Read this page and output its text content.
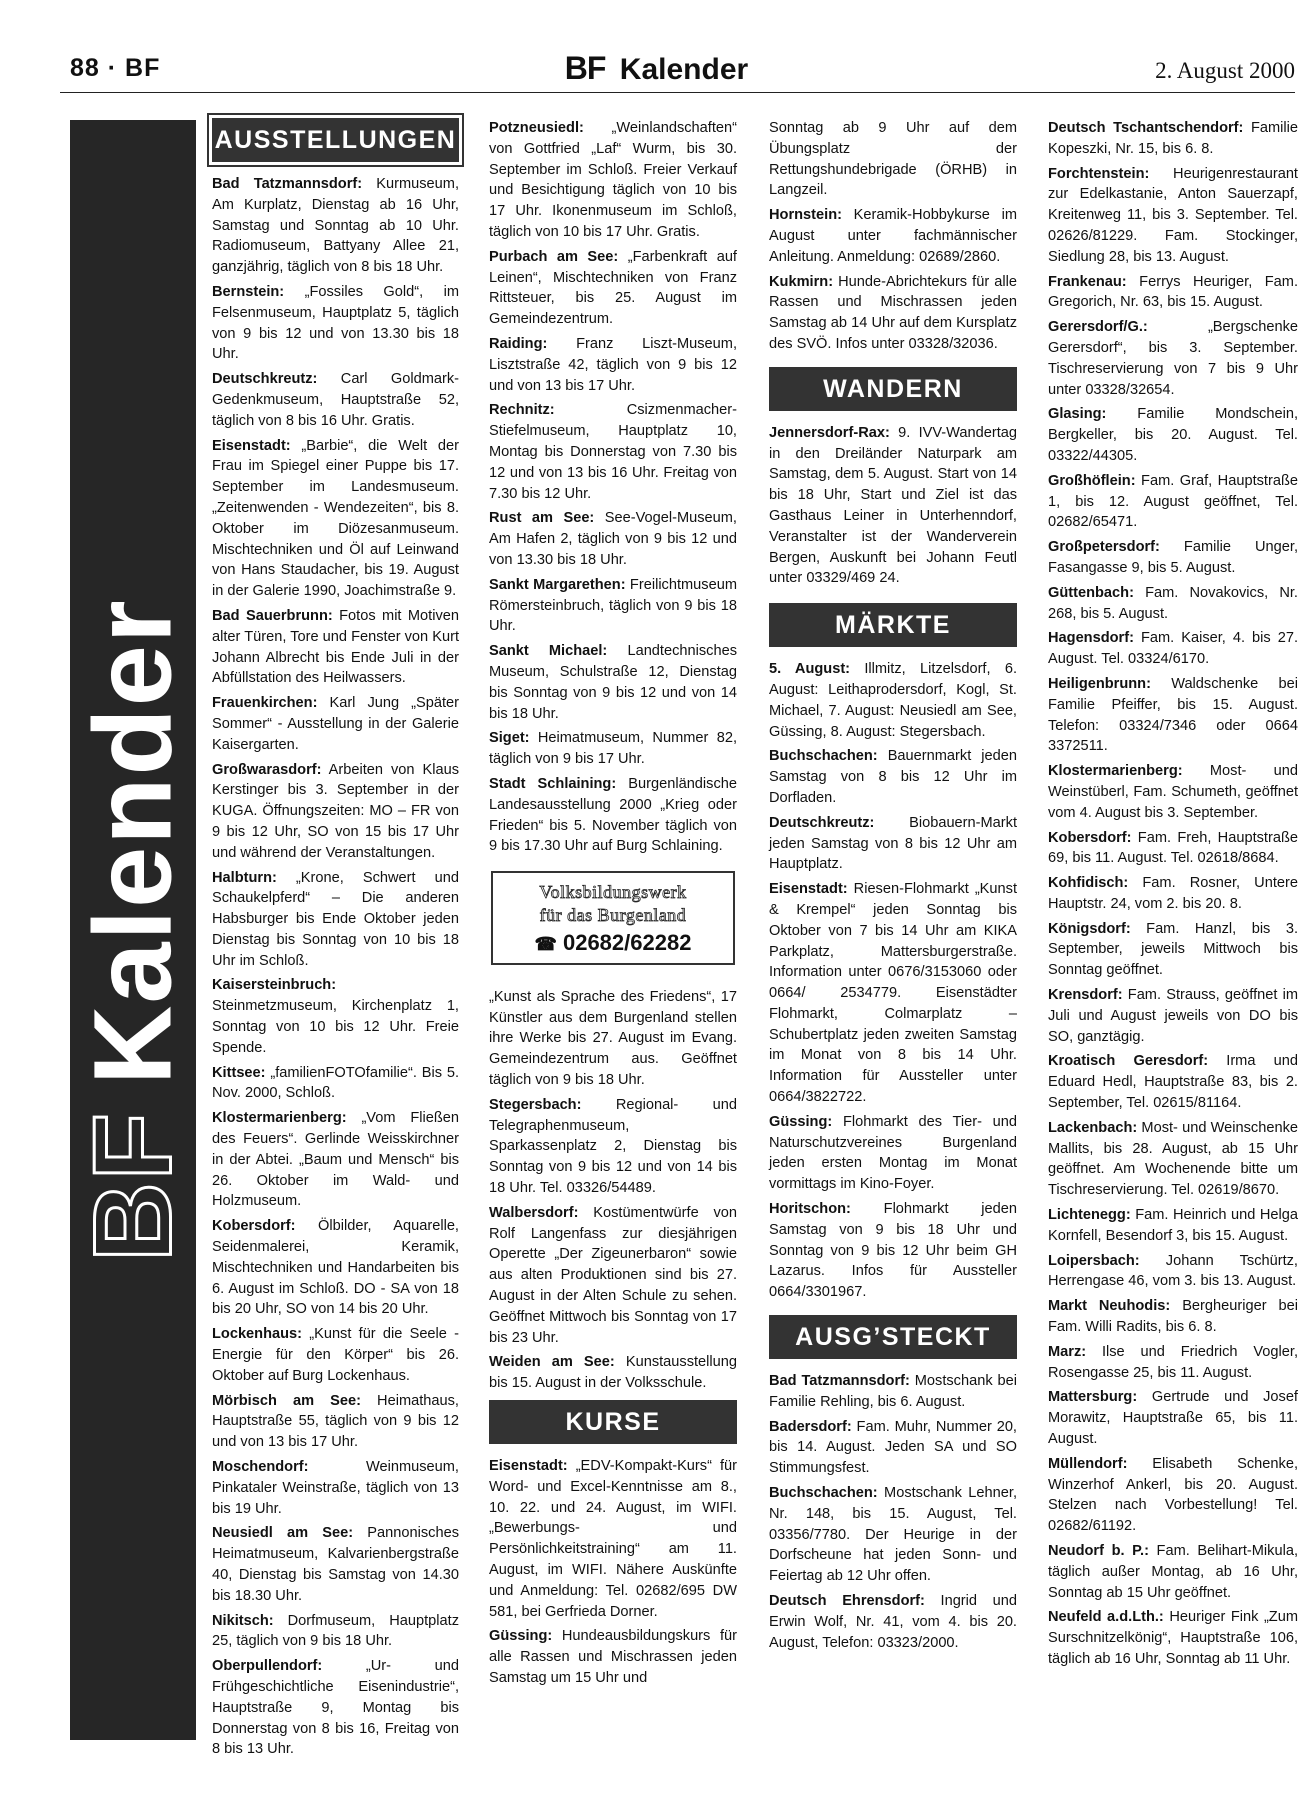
88 · BF	BF Kalender	2. August 2000
BFKalender
AUSSTELLUNGEN
Bad Tatzmannsdorf: Kurmuseum, Am Kurplatz, Dienstag ab 16 Uhr, Samstag und Sonntag ab 10 Uhr. Radiomuseum, Battyany Allee 21, ganzjährig, täglich von 8 bis 18 Uhr.
Bernstein: „Fossiles Gold“, im Felsenmuseum, Hauptplatz 5, täglich von 9 bis 12 und von 13.30 bis 18 Uhr.
Deutschkreutz: Carl Goldmark-Gedenkmuseum, Hauptstraße 52, täglich von 8 bis 16 Uhr. Gratis.
Eisenstadt: „Barbie“, die Welt der Frau im Spiegel einer Puppe bis 17. September im Landesmuseum. „Zeitenwenden - Wendezeiten“, bis 8. Oktober im Diözesanmuseum. Mischtechniken und Öl auf Leinwand von Hans Staudacher, bis 19. August in der Galerie 1990, Joachimstraße 9.
Bad Sauerbrunn: Fotos mit Motiven alter Türen, Tore und Fenster von Kurt Johann Albrecht bis Ende Juli in der Abfüllstation des Heilwassers.
Frauenkirchen: Karl Jung „Später Sommer“ - Ausstellung in der Galerie Kaisergarten.
Großwarasdorf: Arbeiten von Klaus Kerstinger bis 3. September in der KUGA. Öffnungszeiten: MO – FR von 9 bis 12 Uhr, SO von 15 bis 17 Uhr und während der Veranstaltungen.
Halbturn: „Krone, Schwert und Schaukelpferd“ – Die anderen Habsburger bis Ende Oktober jeden Dienstag bis Sonntag von 10 bis 18 Uhr im Schloß.
Kaisersteinbruch: Steinmetzmuseum, Kirchenplatz 1, Sonntag von 10 bis 12 Uhr. Freie Spende.
Kittsee: „familienFOTOfamilie“. Bis 5. Nov. 2000, Schloß.
Klostermarienberg: „Vom Fließen des Feuers“. Gerlinde Weisskirchner in der Abtei. „Baum und Mensch“ bis 26. Oktober im Wald- und Holzmuseum.
Kobersdorf: Ölbilder, Aquarelle, Seidenmalerei, Keramik, Mischtechniken und Handarbeiten bis 6. August im Schloß. DO - SA von 18 bis 20 Uhr, SO von 14 bis 20 Uhr.
Lockenhaus: „Kunst für die Seele - Energie für den Körper“ bis 26. Oktober auf Burg Lockenhaus.
Mörbisch am See: Heimathaus, Hauptstraße 55, täglich von 9 bis 12 und von 13 bis 17 Uhr.
Moschendorf: Weinmuseum, Pinkataler Weinstraße, täglich von 13 bis 19 Uhr.
Neusiedl am See: Pannonisches Heimatmuseum, Kalvarienbergstraße 40, Dienstag bis Samstag von 14.30 bis 18.30 Uhr.
Nikitsch: Dorfmuseum, Hauptplatz 25, täglich von 9 bis 18 Uhr.
Oberpullendorf: „Ur- und Frühgeschichtliche Eisenindustrie“, Hauptstraße 9, Montag bis Donnerstag von 8 bis 16, Freitag von 8 bis 13 Uhr.
Potzneusiedl: „Weinlandschaften“ von Gottfried „Laf“ Wurm, bis 30. September im Schloß. Freier Verkauf und Besichtigung täglich von 10 bis 17 Uhr. Ikonenmuseum im Schloß, täglich von 10 bis 17 Uhr. Gratis.
Purbach am See: „Farbenkraft auf Leinen“, Mischtechniken von Franz Rittsteuer, bis 25. August im Gemeindezentrum.
Raiding: Franz Liszt-Museum, Lisztstraße 42, täglich von 9 bis 12 und von 13 bis 17 Uhr.
Rechnitz: Csizmenmacher-Stiefelmuseum, Hauptplatz 10, Montag bis Donnerstag von 7.30 bis 12 und von 13 bis 16 Uhr. Freitag von 7.30 bis 12 Uhr.
Rust am See: See-Vogel-Museum, Am Hafen 2, täglich von 9 bis 12 und von 13.30 bis 18 Uhr.
Sankt Margarethen: Freilichtmuseum Römersteinbruch, täglich von 9 bis 18 Uhr.
Sankt Michael: Landtechnisches Museum, Schulstraße 12, Dienstag bis Sonntag von 9 bis 12 und von 14 bis 18 Uhr.
Siget: Heimatmuseum, Nummer 82, täglich von 9 bis 17 Uhr.
Stadt Schlaining: Burgenländische Landesausstellung 2000 „Krieg oder Frieden“ bis 5. November täglich von 9 bis 17.30 Uhr auf Burg Schlaining.
Volksbildungswerk
für das Burgenland
☎ 02682/62282
„Kunst als Sprache des Friedens“, 17 Künstler aus dem Burgenland stellen ihre Werke bis 27. August im Evang. Gemeindezentrum aus. Geöffnet täglich von 9 bis 18 Uhr.
Stegersbach: Regional- und Telegraphenmuseum, Sparkassenplatz 2, Dienstag bis Sonntag von 9 bis 12 und von 14 bis 18 Uhr. Tel. 03326/54489.
Walbersdorf: Kostümentwürfe von Rolf Langenfass zur diesjährigen Operette „Der Zigeunerbaron“ sowie aus alten Produktionen sind bis 27. August in der Alten Schule zu sehen. Geöffnet Mittwoch bis Sonntag von 17 bis 23 Uhr.
Weiden am See: Kunstausstellung bis 15. August in der Volksschule.
KURSE
Eisenstadt: „EDV-Kompakt-Kurs“ für Word- und Excel-Kenntnisse am 8., 10. 22. und 24. August, im WIFI. „Bewerbungs- und Persönlichkeitstraining“ am 11. August, im WIFI. Nähere Auskünfte und Anmeldung: Tel. 02682/695 DW 581, bei Gerfrieda Dorner.
Güssing: Hundeausbildungskurs für alle Rassen und Mischrassen jeden Samstag um 15 Uhr und
Sonntag ab 9 Uhr auf dem Übungsplatz der Rettungshundebrigade (ÖRHB) in Langzeil.
Hornstein: Keramik-Hobbykurse im August unter fachmännischer Anleitung. Anmeldung: 02689/2860.
Kukmirn: Hunde-Abrichtekurs für alle Rassen und Mischrassen jeden Samstag ab 14 Uhr auf dem Kursplatz des SVÖ. Infos unter 03328/32036.
WANDERN
Jennersdorf-Rax: 9. IVV-Wandertag in den Dreiländer Naturpark am Samstag, dem 5. August. Start von 14 bis 18 Uhr, Start und Ziel ist das Gasthaus Leiner in Unterhenndorf, Veranstalter ist der Wanderverein Bergen, Auskunft bei Johann Feutl unter 03329/469 24.
MÄRKTE
5. August: Illmitz, Litzelsdorf, 6. August: Leithaprodersdorf, Kogl, St. Michael, 7. August: Neusiedl am See, Güssing, 8. August: Stegersbach.
Buchschachen: Bauernmarkt jeden Samstag von 8 bis 12 Uhr im Dorfladen.
Deutschkreutz: Biobauern-Markt jeden Samstag von 8 bis 12 Uhr am Hauptplatz.
Eisenstadt: Riesen-Flohmarkt „Kunst & Krempel“ jeden Sonntag bis Oktober von 7 bis 14 Uhr am KIKA Parkplatz, Mattersburgerstraße. Information unter 0676/3153060 oder 0664/ 2534779. Eisenstädter Flohmarkt, Colmarplatz – Schubertplatz jeden zweiten Samstag im Monat von 8 bis 14 Uhr. Information für Aussteller unter 0664/3822722.
Güssing: Flohmarkt des Tier- und Naturschutzvereines Burgenland jeden ersten Montag im Monat vormittags im Kino-Foyer.
Horitschon: Flohmarkt jeden Samstag von 9 bis 18 Uhr und Sonntag von 9 bis 12 Uhr beim GH Lazarus. Infos für Aussteller 0664/3301967.
AUSG’STECKT
Bad Tatzmannsdorf: Mostschank bei Familie Rehling, bis 6. August.
Badersdorf: Fam. Muhr, Nummer 20, bis 14. August. Jeden SA und SO Stimmungsfest.
Buchschachen: Mostschank Lehner, Nr. 148, bis 15. August, Tel. 03356/7780. Der Heurige in der Dorfscheune hat jeden Sonn- und Feiertag ab 12 Uhr offen.
Deutsch Ehrensdorf: Ingrid und Erwin Wolf, Nr. 41, vom 4. bis 20. August, Telefon: 03323/2000.
Deutsch Tschantschendorf: Familie Kopeszki, Nr. 15, bis 6. 8.
Forchtenstein: Heurigenrestaurant zur Edelkastanie, Anton Sauerzapf, Kreitenweg 11, bis 3. September. Tel. 02626/81229. Fam. Stockinger, Siedlung 28, bis 13. August.
Frankenau: Ferrys Heuriger, Fam. Gregorich, Nr. 63, bis 15. August.
Gerersdorf/G.: „Bergschenke Gerersdorf“, bis 3. September. Tischreservierung von 7 bis 9 Uhr unter 03328/32654.
Glasing: Familie Mondschein, Bergkeller, bis 20. August. Tel. 03322/44305.
Großhöflein: Fam. Graf, Hauptstraße 1, bis 12. August geöffnet, Tel. 02682/65471.
Großpetersdorf: Familie Unger, Fasangasse 9, bis 5. August.
Güttenbach: Fam. Novakovics, Nr. 268, bis 5. August.
Hagensdorf: Fam. Kaiser, 4. bis 27. August. Tel. 03324/6170.
Heiligenbrunn: Waldschenke bei Familie Pfeiffer, bis 15. August. Telefon: 03324/7346 oder 0664 3372511.
Klostermarienberg: Most- und Weinstüberl, Fam. Schumeth, geöffnet vom 4. August bis 3. September.
Kobersdorf: Fam. Freh, Hauptstraße 69, bis 11. August. Tel. 02618/8684.
Kohfidisch: Fam. Rosner, Untere Hauptstr. 24, vom 2. bis 20. 8.
Königsdorf: Fam. Hanzl, bis 3. September, jeweils Mittwoch bis Sonntag geöffnet.
Krensdorf: Fam. Strauss, geöffnet im Juli und August jeweils von DO bis SO, ganztägig.
Kroatisch Geresdorf: Irma und Eduard Hedl, Hauptstraße 83, bis 2. September, Tel. 02615/81164.
Lackenbach: Most- und Weinschenke Mallits, bis 28. August, ab 15 Uhr geöffnet. Am Wochenende bitte um Tischreservierung. Tel. 02619/8670.
Lichtenegg: Fam. Heinrich und Helga Kornfell, Besendorf 3, bis 15. August.
Loipersbach: Johann Tschürtz, Herrengase 46, vom 3. bis 13. August.
Markt Neuhodis: Bergheuriger bei Fam. Willi Radits, bis 6. 8.
Marz: Ilse und Friedrich Vogler, Rosengasse 25, bis 11. August.
Mattersburg: Gertrude und Josef Morawitz, Hauptstraße 65, bis 11. August.
Müllendorf: Elisabeth Schenke, Winzerhof Ankerl, bis 20. August. Stelzen nach Vorbestellung! Tel. 02682/61192.
Neudorf b. P.: Fam. Belihart-Mikula, täglich außer Montag, ab 16 Uhr, Sonntag ab 15 Uhr geöffnet.
Neufeld a.d.Lth.: Heuriger Fink „Zum Surschnitzelkönig“, Hauptstraße 106, täglich ab 16 Uhr, Sonntag ab 11 Uhr.
